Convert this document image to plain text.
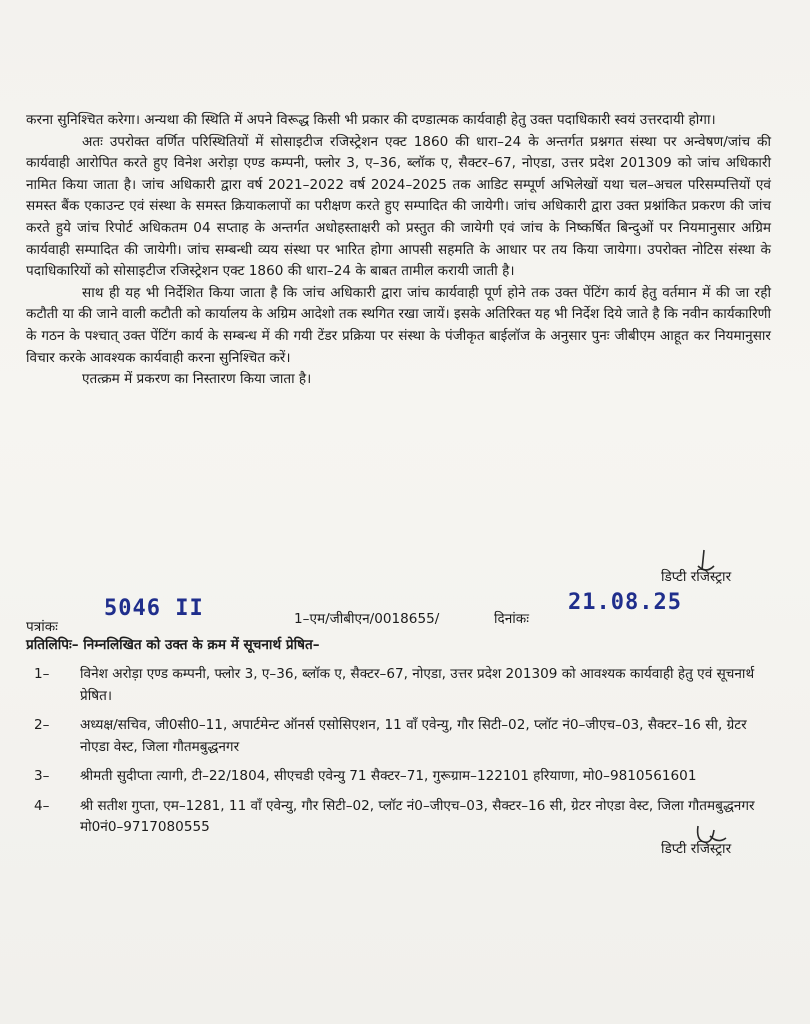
करना सुनिश्चित करेगा। अन्यथा की स्थिति में अपने विरूद्ध किसी भी प्रकार की दण्डात्मक कार्यवाही हेतु उक्त पदाधिकारी स्वयं उत्तरदायी होगा।

अतः उपरोक्त वर्णित परिस्थितियों में सोसाइटीज रजिस्ट्रेशन एक्ट 1860 की धारा–24 के अन्तर्गत प्रश्नगत संस्था पर अन्वेषण/जांच की कार्यवाही आरोपित करते हुए विनेश अरोड़ा एण्ड कम्पनी, फ्लोर 3, ए–36, ब्लॉक ए, सैक्टर–67, नोएडा, उत्तर प्रदेश 201309 को जांच अधिकारी नामित किया जाता है। जांच अधिकारी द्वारा वर्ष 2021–2022 वर्ष 2024–2025 तक आडिट सम्पूर्ण अभिलेखों यथा चल–अचल परिसम्पत्तियों एवं समस्त बैंक एकाउन्ट एवं संस्था के समस्त क्रियाकलापों का परीक्षण करते हुए सम्पादित की जायेगी। जांच अधिकारी द्वारा उक्त प्रश्नांकित प्रकरण की जांच करते हुये जांच रिपोर्ट अधिकतम 04 सप्ताह के अन्तर्गत अधोहस्ताक्षरी को प्रस्तुत की जायेगी एवं जांच के निष्कर्षित बिन्दुओं पर नियमानुसार अग्रिम कार्यवाही सम्पादित की जायेगी। जांच सम्बन्धी व्यय संस्था पर भारित होगा आपसी सहमति के आधार पर तय किया जायेगा। उपरोक्त नोटिस संस्था के पदाधिकारियों को सोसाइटीज रजिस्ट्रेशन एक्ट 1860 की धारा–24 के बाबत तामील करायी जाती है।

साथ ही यह भी निर्देशित किया जाता है कि जांच अधिकारी द्वारा जांच कार्यवाही पूर्ण होने तक उक्त पेंटिंग कार्य हेतु वर्तमान में की जा रही कटौती या की जाने वाली कटौती को कार्यालय के अग्रिम आदेशो तक स्थगित रखा जायें। इसके अतिरिक्त यह भी निर्देश दिये जाते है कि नवीन कार्यकारिणी के गठन के पश्चात् उक्त पेंटिंग कार्य के सम्बन्ध में की गयी टेंडर प्रक्रिया पर संस्था के पंजीकृत बाईलॉज के अनुसार पुनः जीबीएम आहूत कर नियमानुसार विचार करके आवश्यक कार्यवाही करना सुनिश्चित करें।

एतत्क्रम में प्रकरण का निस्तारण किया जाता है।

डिप्टी रजिस्ट्रार
पत्रांकः
5046 II	1–एम/जीबीएन/0018655/	दिनांकः
21.08.25
प्रतिलिपिः– निम्नलिखित को उक्त के क्रम में सूचनार्थ प्रेषित–
1– विनेश अरोड़ा एण्ड कम्पनी, फ्लोर 3, ए–36, ब्लॉक ए, सैक्टर–67, नोएडा, उत्तर प्रदेश 201309 को आवश्यक कार्यवाही हेतु एवं सूचनार्थ प्रेषित।
2– अध्यक्ष/सचिव, जी0सी0–11, अपार्टमेन्ट ऑनर्स एसोसिएशन, 11 वाँ एवेन्यु, गौर सिटी–02, प्लॉट नं0–जीएच–03, सैक्टर–16 सी, ग्रेटर नोएडा वेस्ट, जिला गौतमबुद्धनगर
3– श्रीमती सुदीप्ता त्यागी, टी–22/1804, सीएचडी एवेन्यु 71 सैक्टर–71, गुरूग्राम–122101 हरियाणा, मो0–9810561601
4– श्री सतीश गुप्ता, एम–1281, 11 वाँ एवेन्यु, गौर सिटी–02, प्लॉट नं0–जीएच–03, सैक्टर–16 सी, ग्रेटर नोएडा वेस्ट, जिला गौतमबुद्धनगर मो0नं0–9717080555
डिप्टी रजिस्ट्रार
